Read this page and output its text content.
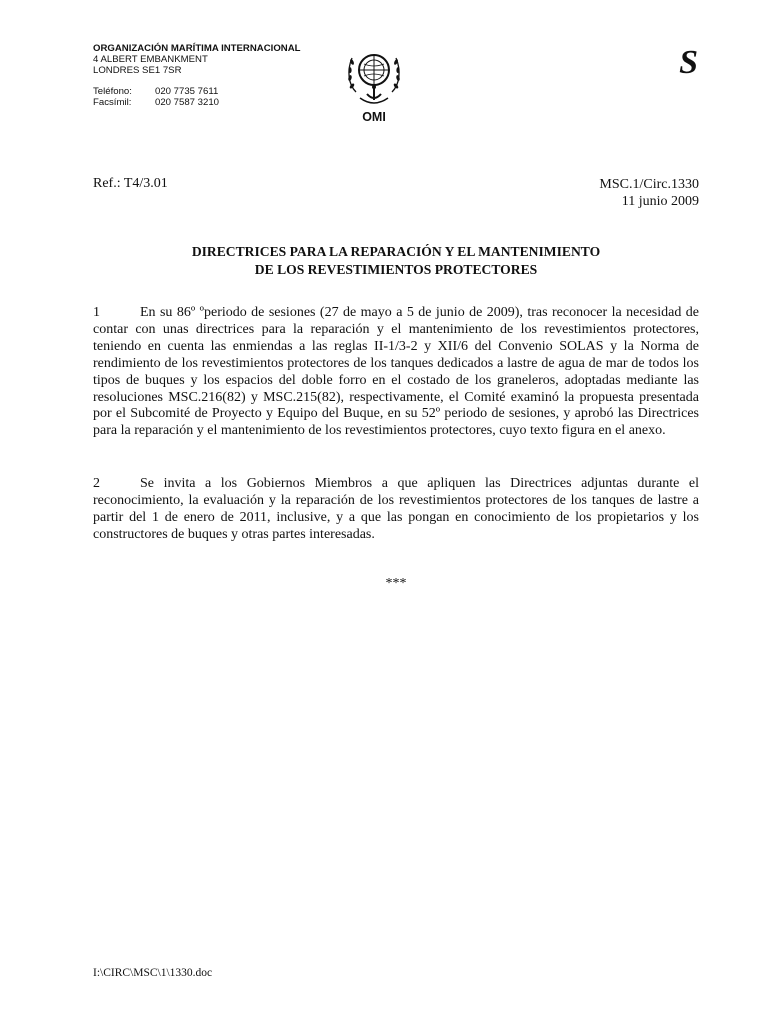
ORGANIZACIÓN MARÍTIMA INTERNACIONAL
4 ALBERT EMBANKMENT
LONDRES SE1 7SR
Teléfono:	020 7735 7611
Facsímil:	020 7587 3210
OMI
S
Ref.: T4/3.01	MSC.1/Circ.1330
11 junio 2009
DIRECTRICES PARA LA REPARACIÓN Y EL MANTENIMIENTO
DE LOS REVESTIMIENTOS PROTECTORES

1	En su 86º ºperiodo de sesiones (27 de mayo a 5 de junio de 2009), tras reconocer la necesidad de contar con unas directrices para la reparación y el mantenimiento de los revestimientos protectores, teniendo en cuenta las enmiendas a las reglas II-1/3-2 y XII/6 del Convenio SOLAS y la Norma de rendimiento de los revestimientos protectores de los tanques dedicados a lastre de agua de mar de todos los tipos de buques y los espacios del doble forro en el costado de los graneleros, adoptadas mediante las resoluciones MSC.216(82) y MSC.215(82), respectivamente, el Comité examinó la propuesta presentada por el Subcomité de Proyecto y Equipo del Buque, en su 52º periodo de sesiones, y aprobó las Directrices para la reparación y el mantenimiento de los revestimientos protectores, cuyo texto figura en el anexo.

2	Se invita a los Gobiernos Miembros a que apliquen las Directrices adjuntas durante el reconocimiento, la evaluación y la reparación de los revestimientos protectores de los tanques de lastre a partir del 1 de enero de 2011, inclusive, y a que las pongan en conocimiento de los propietarios y los constructores de buques y otras partes interesadas.

***
I:\CIRC\MSC\1\1330.doc
